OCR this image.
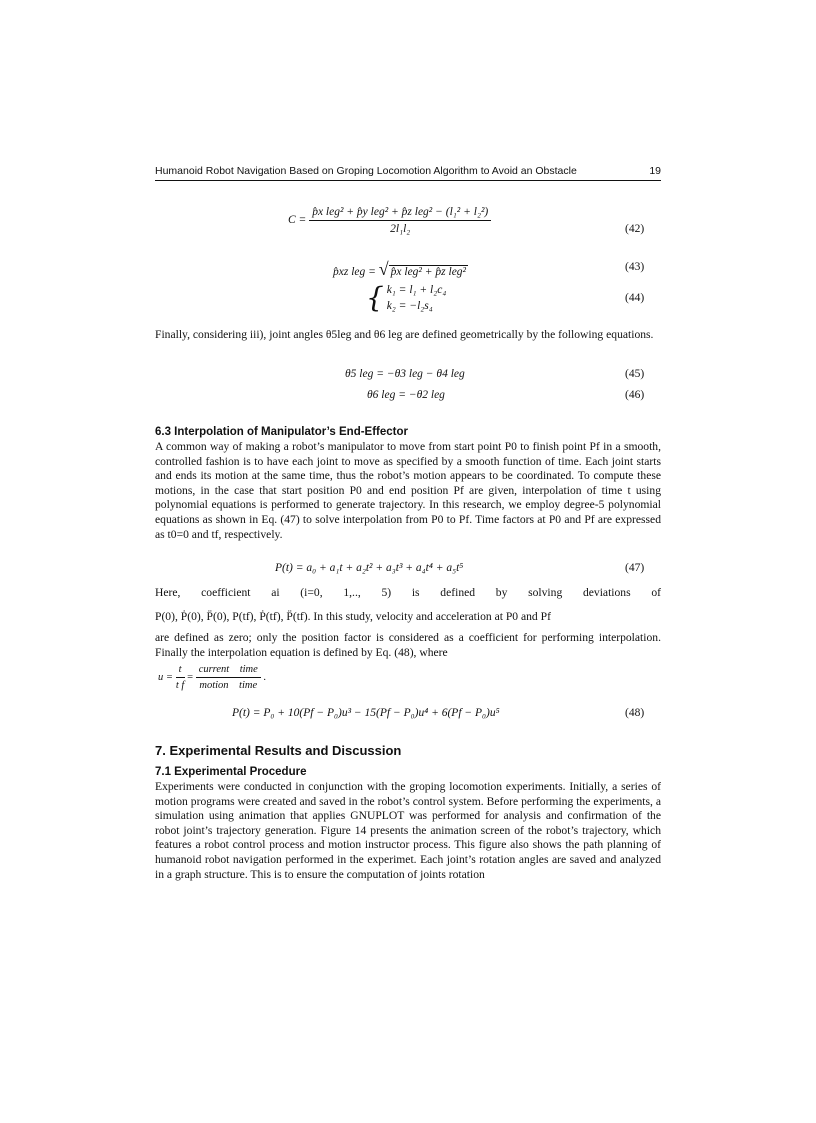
Humanoid Robot Navigation Based on Groping Locomotion Algorithm to Avoid an Obstacle	19
$C = \frac{\text{p̂x leg² + p̂y leg² + p̂z leg² − (l₁² + l₂²)}}{\text{2l₁l₂}}$	(42)
p̂xz leg = √ p̂x leg² + p̂z leg²	(43)
{ k₁ = l₁ + l₂c₄
k₂ = −l₂s₄
(44)
Finally, considering iii), joint angles θ5leg and θ6 leg are defined geometrically by the following equations.
θ5 leg = −θ3 leg − θ4 leg	(45)
θ6 leg = −θ2 leg	(46)
6.3 Interpolation of Manipulator’s End-Effector
A common way of making a robot’s manipulator to move from start point P0 to finish point Pf in a smooth, controlled fashion is to have each joint to move as specified by a smooth function of time. Each joint starts and ends its motion at the same time, thus the robot’s motion appears to be coordinated. To compute these motions, in the case that start position P0 and end position Pf are given, interpolation of time t using polynomial equations is performed to generate trajectory. In this research, we employ degree-5 polynomial equations as shown in Eq. (47) to solve interpolation from P0 to Pf. Time factors at P0 and Pf are expressed as t0=0 and tf, respectively.
P(t) = a₀ + a₁t + a₂t² + a₃t³ + a₄t⁴ + a₅t⁵	(47)
Here, coefficient ai (i=0, 1,.., 5) is defined by solving deviations of
P(0), Ṗ(0), P̈(0), P(tf), Ṗ(tf), P̈(tf). In this study, velocity and acceleration at P0 and Pf
are defined as zero; only the position factor is considered as a coefficient for performing interpolation. Finally the interpolation equation is defined by Eq. (48), where
$u = \frac{t}{\text{t f}} = \frac{\text{current    time}}{\text{motion    time}}$ .
P(t) = P₀ + 10(Pf − P₀)u³ − 15(Pf − P₀)u⁴ + 6(Pf − P₀)u⁵	(48)
7. Experimental Results and Discussion
7.1 Experimental Procedure
Experiments were conducted in conjunction with the groping locomotion experiments. Initially, a series of motion programs were created and saved in the robot’s control system. Before performing the experiments, a simulation using animation that applies GNUPLOT was performed for analysis and confirmation of the robot joint’s trajectory generation. Figure 14 presents the animation screen of the robot’s trajectory, which features a robot control process and motion instructor process. This figure also shows the path planning of humanoid robot navigation performed in the experimet. Each joint’s rotation angles are saved and analyzed in a graph structure. This is to ensure the computation of joints rotation
